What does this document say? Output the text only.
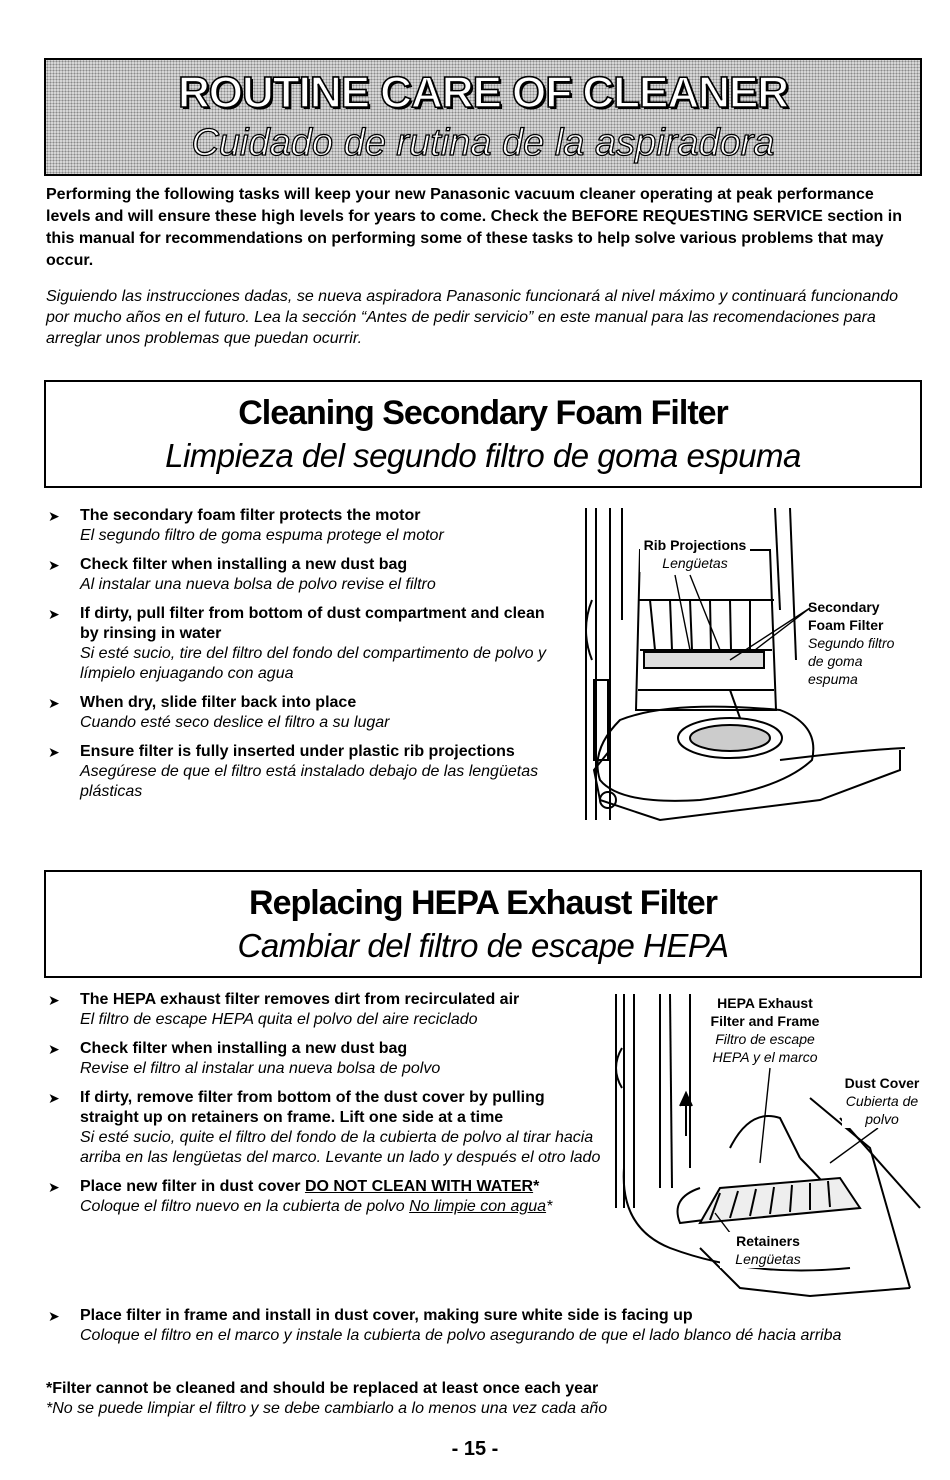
ROUTINE CARE OF CLEANER
Cuidado de rutina de la aspiradora
Performing the following tasks will keep your new Panasonic vacuum cleaner operating at peak performance levels and will ensure these high levels for years to come. Check the BEFORE REQUESTING SERVICE section in this manual for recommendations on performing some of these tasks to help solve various problems that may occur.
Siguiendo las instrucciones dadas, se nueva aspiradora Panasonic funcionará al nivel máximo y continuará funcionando por mucho años en el futuro. Lea la sección “Antes de pedir servicio” en este manual para las recomendaciones para arreglar unos problemas que puedan ocurrir.
Cleaning Secondary Foam Filter
Limpieza del segundo filtro de goma espuma
➤ The secondary foam filter protects the motor
El segundo filtro de goma espuma protege el motor
➤ Check filter when installing a new dust bag
Al instalar una nueva bolsa de polvo revise el filtro
➤ If dirty, pull filter from bottom of dust compartment and clean by rinsing in water
Si esté sucio, tire del filtro del fondo del compartimento de polvo y límpielo enjuagando con agua
➤ When dry, slide filter back into place
Cuando esté seco deslice el filtro a su lugar
➤ Ensure filter is fully inserted under plastic rib projections
Asegúrese de que el filtro está instalado debajo de las lengüetas plásticas
Rib Projections
Lengüetas
Secondary Foam Filter
Segundo filtro de goma espuma
Replacing HEPA Exhaust Filter
Cambiar del filtro de escape HEPA
➤ The HEPA exhaust filter removes dirt from recirculated air
El filtro de escape HEPA quita el polvo del aire reciclado
➤ Check filter when installing a new dust bag
Revise el filtro al instalar una nueva bolsa de polvo
➤ If dirty, remove filter from bottom of the dust cover by pulling straight up on retainers on frame. Lift one side at a time
Si esté sucio, quite el filtro del fondo de la cubierta de polvo al tirar hacia arriba en las lengüetas del marco. Levante un lado y después el otro lado
➤ Place new filter in dust cover DO NOT CLEAN WITH WATER*
Coloque el filtro nuevo en la cubierta de polvo No limpie con agua*
➤ Place filter in frame and install in dust cover, making sure white side is facing up
Coloque el filtro en el marco y instale la cubierta de polvo asegurando de que el lado blanco dé hacia arriba
HEPA Exhaust Filter and Frame
Filtro de escape HEPA y el marco
Dust Cover
Cubierta de polvo
Retainers
Lengüetas
*Filter cannot be cleaned and should be replaced at least once each year
*No se puede limpiar el filtro y se debe cambiarlo a lo menos una vez cada año
- 15 -
